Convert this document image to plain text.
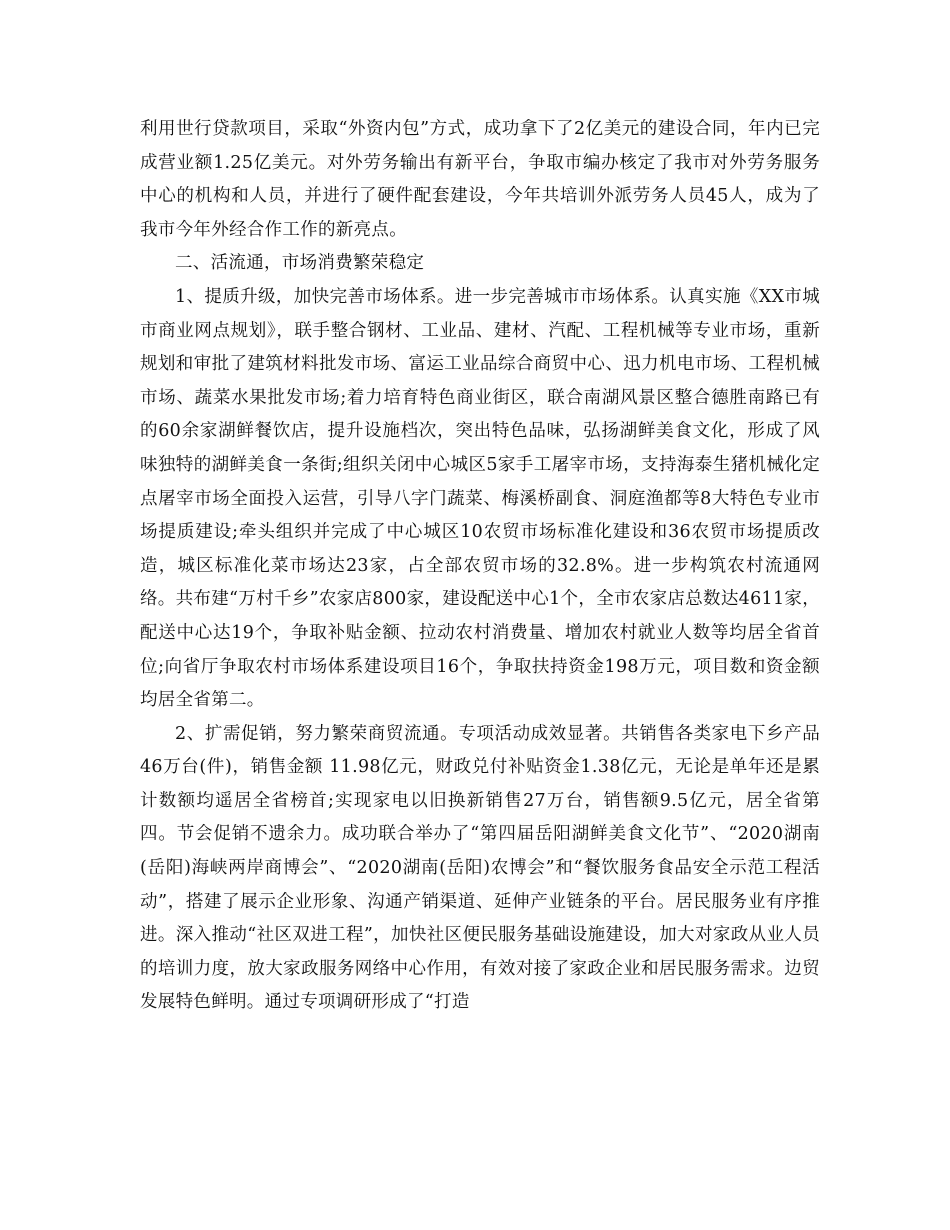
利用世行贷款项目，采取“外资内包”方式，成功拿下了2亿美元的建设合同，年内已完成营业额1.25亿美元。对外劳务输出有新平台，争取市编办核定了我市对外劳务服务中心的机构和人员，并进行了硬件配套建设，今年共培训外派劳务人员45人，成为了我市今年外经合作工作的新亮点。

二、活流通，市场消费繁荣稳定

1、提质升级，加快完善市场体系。进一步完善城市市场体系。认真实施《XX市城市商业网点规划》，联手整合钢材、工业品、建材、汽配、工程机械等专业市场，重新规划和审批了建筑材料批发市场、富运工业品综合商贸中心、迅力机电市场、工程机械市场、蔬菜水果批发市场;着力培育特色商业街区，联合南湖风景区整合德胜南路已有的60余家湖鲜餐饮店，提升设施档次，突出特色品味，弘扬湖鲜美食文化，形成了风味独特的湖鲜美食一条街;组织关闭中心城区5家手工屠宰市场，支持海泰生猪机械化定点屠宰市场全面投入运营，引导八字门蔬菜、梅溪桥副食、洞庭渔都等8大特色专业市场提质建设;牵头组织并完成了中心城区10农贸市场标准化建设和36农贸市场提质改造，城区标准化菜市场达23家，占全部农贸市场的32.8%。进一步构筑农村流通网络。共布建“万村千乡”农家店800家，建设配送中心1个，全市农家店总数达4611家， 配送中心达19个，争取补贴金额、拉动农村消费量、增加农村就业人数等均居全省首位;向省厅争取农村市场体系建设项目16个，争取扶持资金198万元，项目数和资金额均居全省第二。

2、扩需促销，努力繁荣商贸流通。专项活动成效显著。共销售各类家电下乡产品46万台(件)，销售金额 11.98亿元，财政兑付补贴资金1.38亿元，无论是单年还是累计数额均遥居全省榜首;实现家电以旧换新销售27万台，销售额9.5亿元，居全省第四。节会促销不遗余力。成功联合举办了“第四届岳阳湖鲜美食文化节”、“2020湖南(岳阳)海峡两岸商博会”、“2020湖南(岳阳)农博会”和“餐饮服务食品安全示范工程活动”，搭建了展示企业形象、沟通产销渠道、延伸产业链条的平台。居民服务业有序推进。深入推动“社区双进工程”，加快社区便民服务基础设施建设，加大对家政从业人员的培训力度，放大家政服务网络中心作用，有效对接了家政企业和居民服务需求。边贸发展特色鲜明。通过专项调研形成了“打造
